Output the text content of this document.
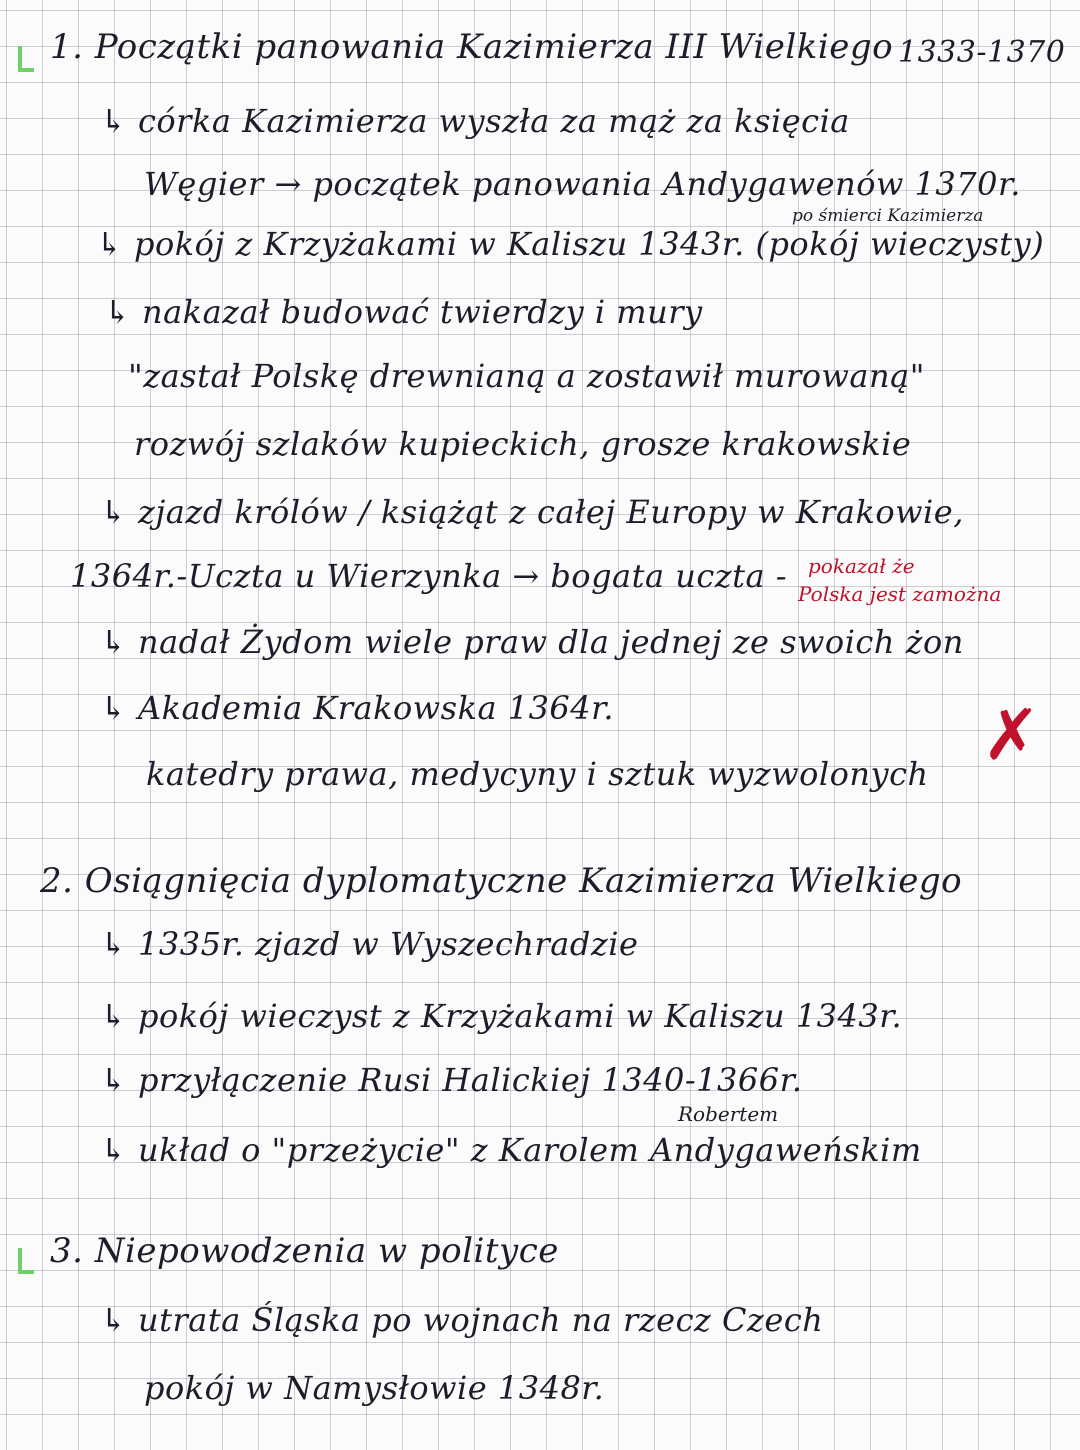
1. Początki panowania Kazimierza III Wielkiego 1333-1370
↳ córka Kazimierza wyszła za mąż za księcia
Węgier → początek panowania Andygawenów 1370r.
po śmierci Kazimierza
↳ pokój z Krzyżakami w Kaliszu 1343r. (pokój wieczysty)
↳ nakazał budować twierdzy i mury
"zastał Polskę drewnianą a zostawił murowaną"
rozwój szlaków kupieckich, grosze krakowskie
↳ zjazd królów / książąt z całej Europy w Krakowie,
1364r.-Uczta u Wierzynka → bogata uczta - pokazał że
Polska jest zamożna
↳ nadał Żydom wiele praw dla jednej ze swoich żon
↳ Akademia Krakowska 1364r.
katedry prawa, medycyny i sztuk wyzwolonych ✗
2. Osiągnięcia dyplomatyczne Kazimierza Wielkiego
↳ 1335r. zjazd w Wyszechradzie
↳ pokój wieczyst z Krzyżakami w Kaliszu 1343r.
↳ przyłączenie Rusi Halickiej 1340-1366r.
Robertem
↳ układ o "przeżycie" z Karolem Andygaweńskim
3. Niepowodzenia w polityce
↳ utrata Śląska po wojnach na rzecz Czech
pokój w Namysłowie 1348r.
